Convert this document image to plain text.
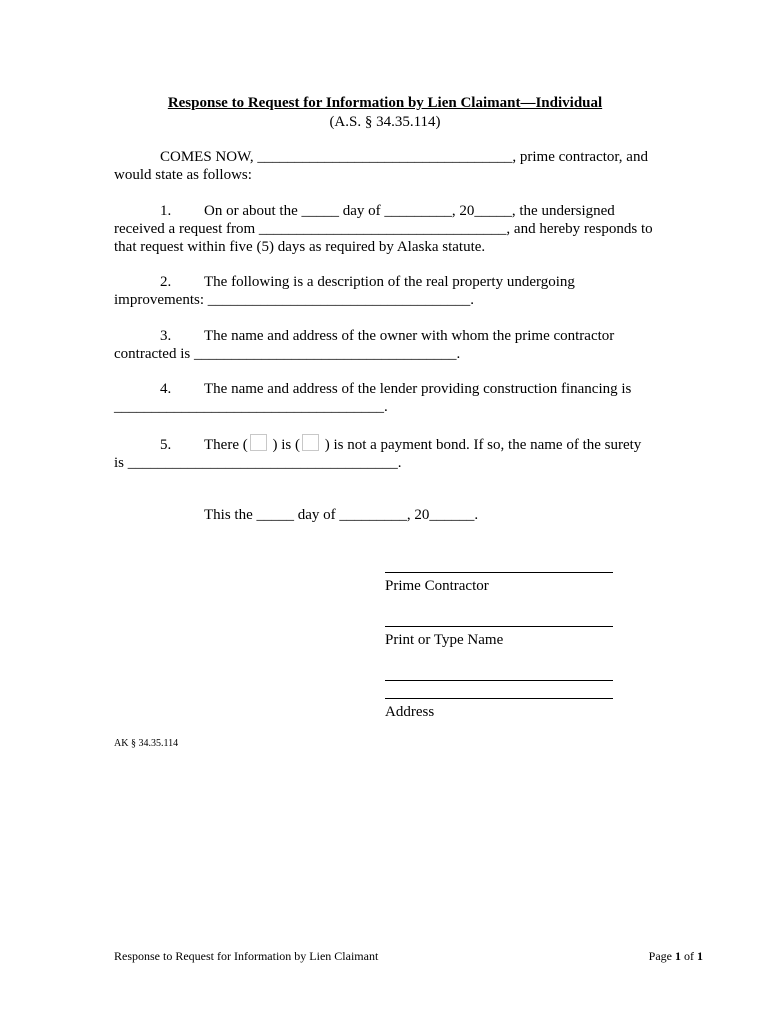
Response to Request for Information by Lien Claimant—Individual
(A.S. § 34.35.114)
COMES NOW, __________________________________, prime contractor, and
would state as follows:
1. On or about the _____ day of _________, 20_____, the undersigned
received a request from _________________________________, and hereby responds to
that request within five (5) days as required by Alaska statute.
2. The following is a description of the real property undergoing
improvements: ___________________________________.
3. The name and address of the owner with whom the prime contractor
contracted is ___________________________________.
4. The name and address of the lender providing construction financing is
____________________________________.
5. There ( ) is ( ) is not a payment bond. If so, the name of the surety
is ____________________________________.
This the _____ day of _________, 20______.
Prime Contractor
Print or Type Name
Address
AK § 34.35.114
Response to Request for Information by Lien Claimant	Page 1 of 1
